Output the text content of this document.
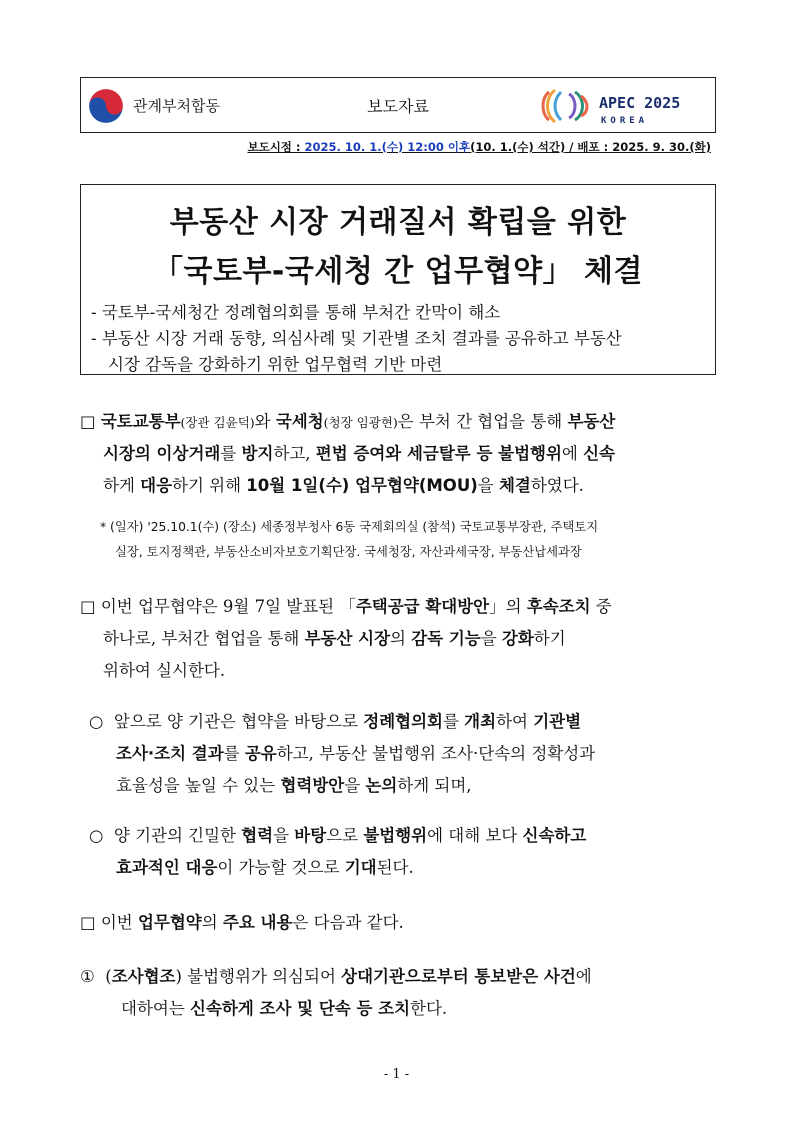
관계부처합동	보도자료	APEC 2025
KOREA
보도시점 : 2025. 10. 1.(수) 12:00 이후(10. 1.(수) 석간) / 배포 : 2025. 9. 30.(화)
부동산 시장 거래질서 확립을 위한
「국토부-국세청 간 업무협약」 체결
- 국토부-국세청간 정례협의회를 통해 부처간 칸막이 해소
- 부동산 시장 거래 동향, 의심사례 및 기관별 조치 결과를 공유하고 부동산
시장 감독을 강화하기 위한 업무협력 기반 마련
□ 국토교통부(장관 김윤덕)와 국세청(청장 임광현)은 부처 간 협업을 통해 부동산
시장의 이상거래를 방지하고, 편법 증여와 세금탈루 등 불법행위에 신속
하게 대응하기 위해 10월 1일(수) 업무협약(MOU)을 체결하였다.
* (일자) '25.10.1(수) (장소) 세종정부청사 6동 국제회의실 (참석) 국토교통부장관, 주택토지
실장, 토지정책관, 부동산소비자보호기획단장. 국세청장, 자산과세국장, 부동산납세과장
□ 이번 업무협약은 9월 7일 발표된 「주택공급 확대방안」의 후속조치 중
하나로, 부처간 협업을 통해 부동산 시장의 감독 기능을 강화하기
위하여 실시한다.
○ 앞으로 양 기관은 협약을 바탕으로 정례협의회를 개최하여 기관별
조사·조치 결과를 공유하고, 부동산 불법행위 조사·단속의 정확성과
효율성을 높일 수 있는 협력방안을 논의하게 되며,
○ 양 기관의 긴밀한 협력을 바탕으로 불법행위에 대해 보다 신속하고
효과적인 대응이 가능할 것으로 기대된다.
□ 이번 업무협약의 주요 내용은 다음과 같다.
① (조사협조) 불법행위가 의심되어 상대기관으로부터 통보받은 사건에
대하여는 신속하게 조사 및 단속 등 조치한다.
- 1 -
